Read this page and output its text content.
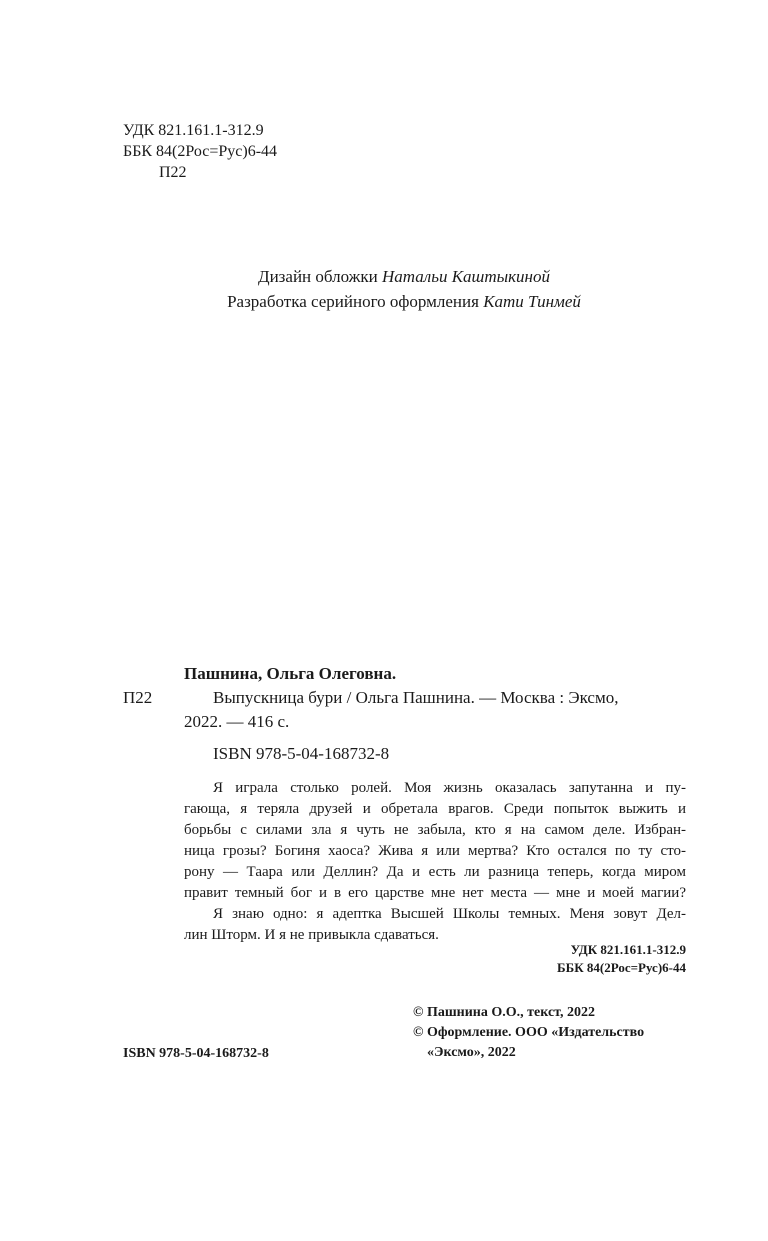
УДК 821.161.1-312.9
ББК 84(2Рос=Рус)6-44
П22
Дизайн обложки Натальи Каштыкиной
Разработка серийного оформления Кати Тинмей
Пашнина, Ольга Олеговна.
П22	Выпускница бури / Ольга Пашнина. — Москва : Эксмо,
2022. — 416 с.
ISBN 978-5-04-168732-8
Я играла столько ролей. Моя жизнь оказалась запутанна и пу-
гающа, я теряла друзей и обретала врагов. Среди попыток выжить и
борьбы с силами зла я чуть не забыла, кто я на самом деле. Избран-
ница грозы? Богиня хаоса? Жива я или мертва? Кто остался по ту сто-
рону — Таара или Деллин? Да и есть ли разница теперь, когда миром
правит темный бог и в его царстве мне нет места — мне и моей магии?
Я знаю одно: я адептка Высшей Школы темных. Меня зовут Дел-
лин Шторм. И я не привыкла сдаваться.
УДК 821.161.1-312.9
ББК 84(2Рос=Рус)6-44
© Пашнина О.О., текст, 2022
© Оформление. ООО «Издательство
«Эксмо», 2022
ISBN 978-5-04-168732-8
